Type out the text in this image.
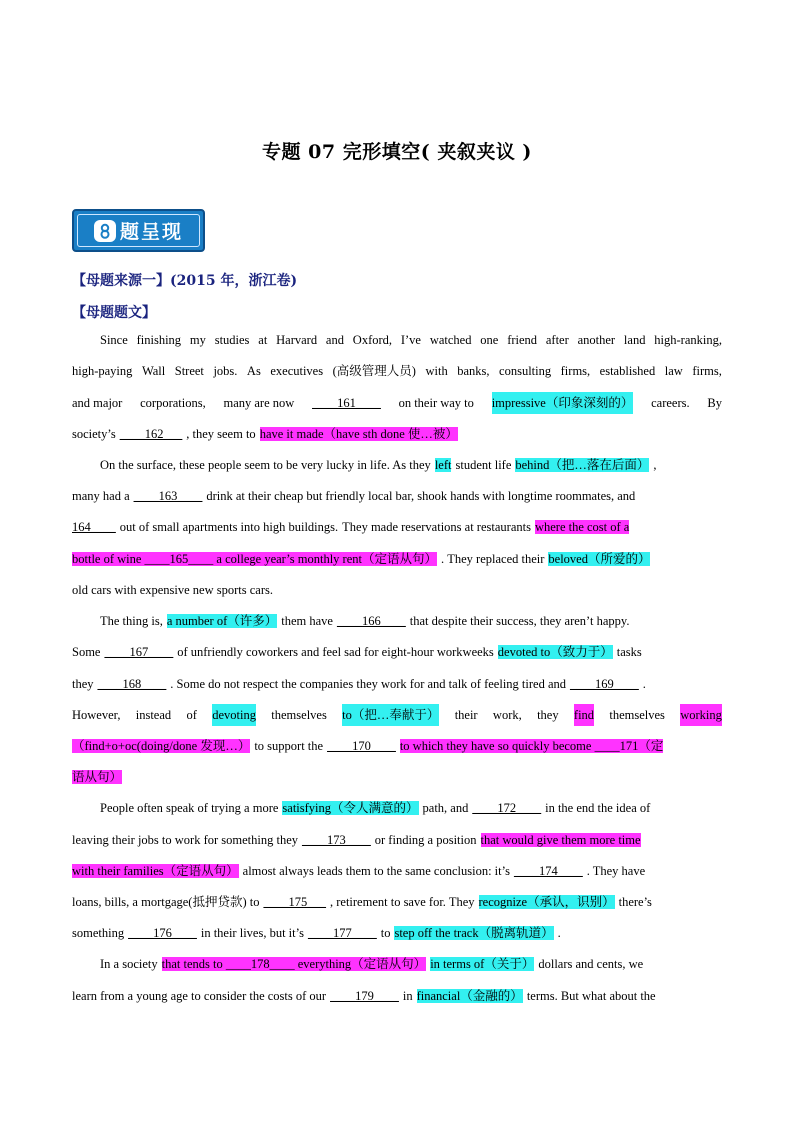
专题 07 完形填空( 夹叙夹议 )
题呈现
【母题来源一】(2015 年，浙江卷)
【母题题文】
Since finishing my studies at Harvard and Oxford, I’ve watched one friend after another land high-ranking,
high-paying Wall Street jobs. As executives (高级管理人员) with banks, consulting firms, established law firms,
and major corporations, many are now ____161____ on their way to impressive（印象深刻的） careers. By
society’s ____162___ , they seem to have it made（have sth done 使…被）
On the surface, these people seem to be very lucky in life. As they left student life behind（把…落在后面） ,
many had a ____163____ drink at their cheap but friendly local bar, shook hands with longtime roommates, and
164____ out of small apartments into high buildings. They made reservations at restaurants where the cost of a
bottle of wine ____165____ a college year’s monthly rent（定语从句） . They replaced their beloved（所爱的）
old cars with expensive new sports cars.
The thing is, a number of（许多） them have ____166____ that despite their success, they aren’t happy.
Some ____167____ of unfriendly coworkers and feel sad for eight-hour workweeks devoted to（致力于） tasks
they ____168____ . Some do not respect the companies they work for and talk of feeling tired and ____169____ .
However, instead of devoting themselves to（把…奉献于） their work, they find themselves working
（find+o+oc(doing/done 发现…） to support the ____170____ to which they have so quickly become ____171（定
语从句）
People often speak of trying a more satisfying（令人满意的） path, and ____172____ in the end the idea of
leaving their jobs to work for something they ____173____ or finding a position that would give them more time
with their families（定语从句） almost always leads them to the same conclusion: it’s ____174____ . They have
loans, bills, a mortgage(抵押贷款) to ____175___ , retirement to save for. They recognize（承认，识别） there’s
something ____176____ in their lives, but it’s ____177____ to step off the track（脱离轨道） .
In a society that tends to ____178____ everything（定语从句） in terms of（关于） dollars and cents, we
learn from a young age to consider the costs of our ____179____ in financial（金融的） terms. But what about the
